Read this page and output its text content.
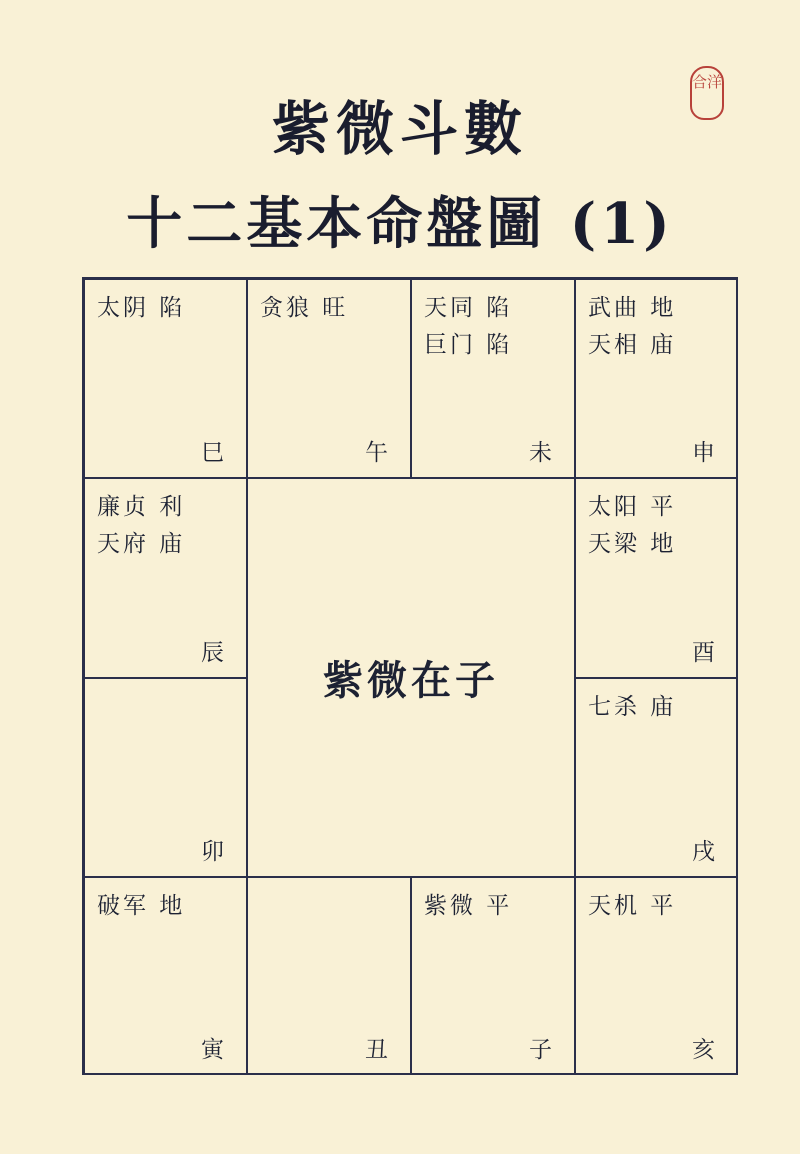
紫微斗數
十二基本命盤圖 (1)
合洋
太阴 陷
巳
贪狼 旺
午
天同 陷
巨门 陷
未
武曲 地
天相 庙
申
廉贞 利
天府 庙
辰
太阳 平
天梁 地
酉
紫微在子
卯
七杀 庙
戌
破军 地
寅	丑
紫微 平
子
天机 平
亥
